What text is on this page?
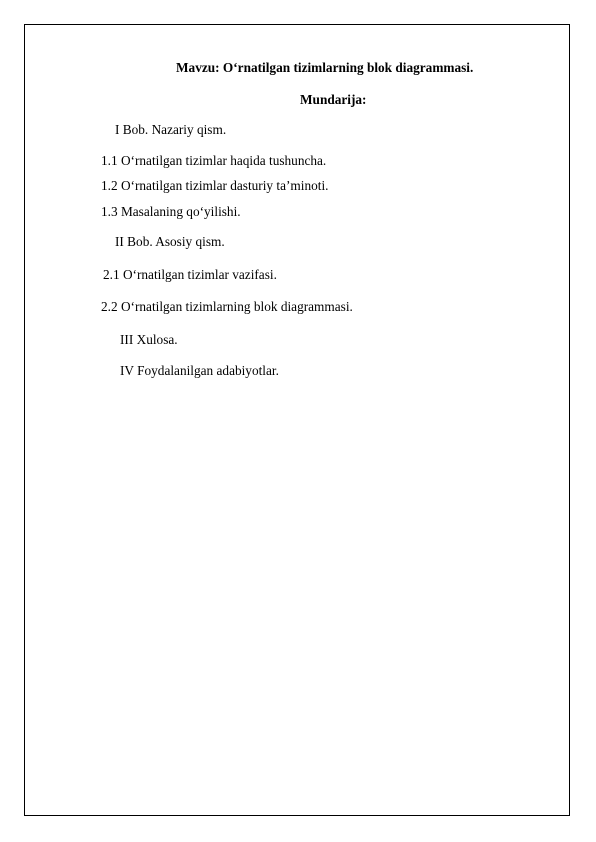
Mavzu: O‘rnatilgan tizimlarning blok diagrammasi.
Mundarija:
I Bob. Nazariy qism.
1.1 O‘rnatilgan tizimlar haqida tushuncha.
1.2 O‘rnatilgan tizimlar dasturiy ta’minoti.
1.3 Masalaning qo‘yilishi.
II Bob. Asosiy qism.
2.1 O‘rnatilgan tizimlar vazifasi.
2.2 O‘rnatilgan tizimlarning blok diagrammasi.
III Xulosa.
IV Foydalanilgan adabiyotlar.
